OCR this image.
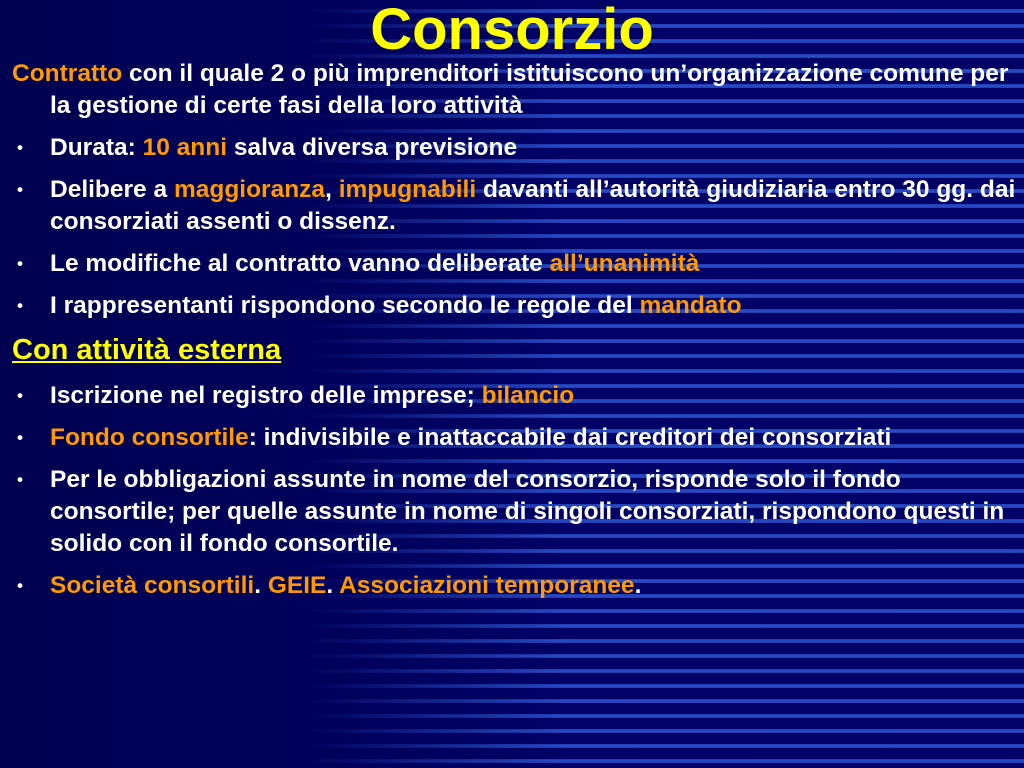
Consorzio

Contratto con il quale 2 o più imprenditori istituiscono un’organizzazione comune per la gestione di certe fasi della loro attività

• Durata: 10 anni salva diversa previsione
• Delibere a maggioranza, impugnabili davanti all’autorità giudiziaria entro 30 gg. dai consorziati assenti o dissenz.
• Le modifiche al contratto vanno deliberate all’unanimità
• I rappresentanti rispondono secondo le regole del mandato
Con attività esterna
• Iscrizione nel registro delle imprese; bilancio
• Fondo consortile: indivisibile e inattaccabile dai creditori dei consorziati
• Per le obbligazioni assunte in nome del consorzio, risponde solo il fondo consortile; per quelle assunte in nome di singoli consorziati, rispondono questi in solido con il fondo consortile.
• Società consortili. GEIE. Associazioni temporanee.
